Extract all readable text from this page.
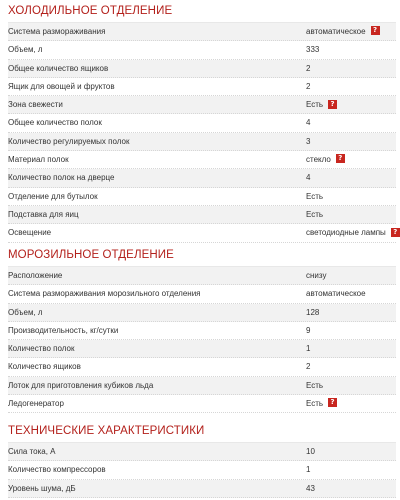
ХОЛОДИЛЬНОЕ ОТДЕЛЕНИЕ
Система размораживания	автоматическое ?
Объем, л	333
Общее количество ящиков	2
Ящик для овощей и фруктов	2
Зона свежести	Есть ?
Общее количество полок	4
Количество регулируемых полок	3
Материал полок	стекло ?
Количество полок на дверце	4
Отделение для бутылок	Есть
Подставка для яиц	Есть
Освещение	светодиодные лампы ?
МОРОЗИЛЬНОЕ ОТДЕЛЕНИЕ
Расположение	снизу
Система размораживания морозильного отделения	автоматическое
Объем, л	128
Производительность, кг/сутки	9
Количество полок	1
Количество ящиков	2
Лоток для приготовления кубиков льда	Есть
Ледогенератор	Есть ?
ТЕХНИЧЕСКИЕ ХАРАКТЕРИСТИКИ
Сила тока, А	10
Количество компрессоров	1
Уровень шума, дБ	43
